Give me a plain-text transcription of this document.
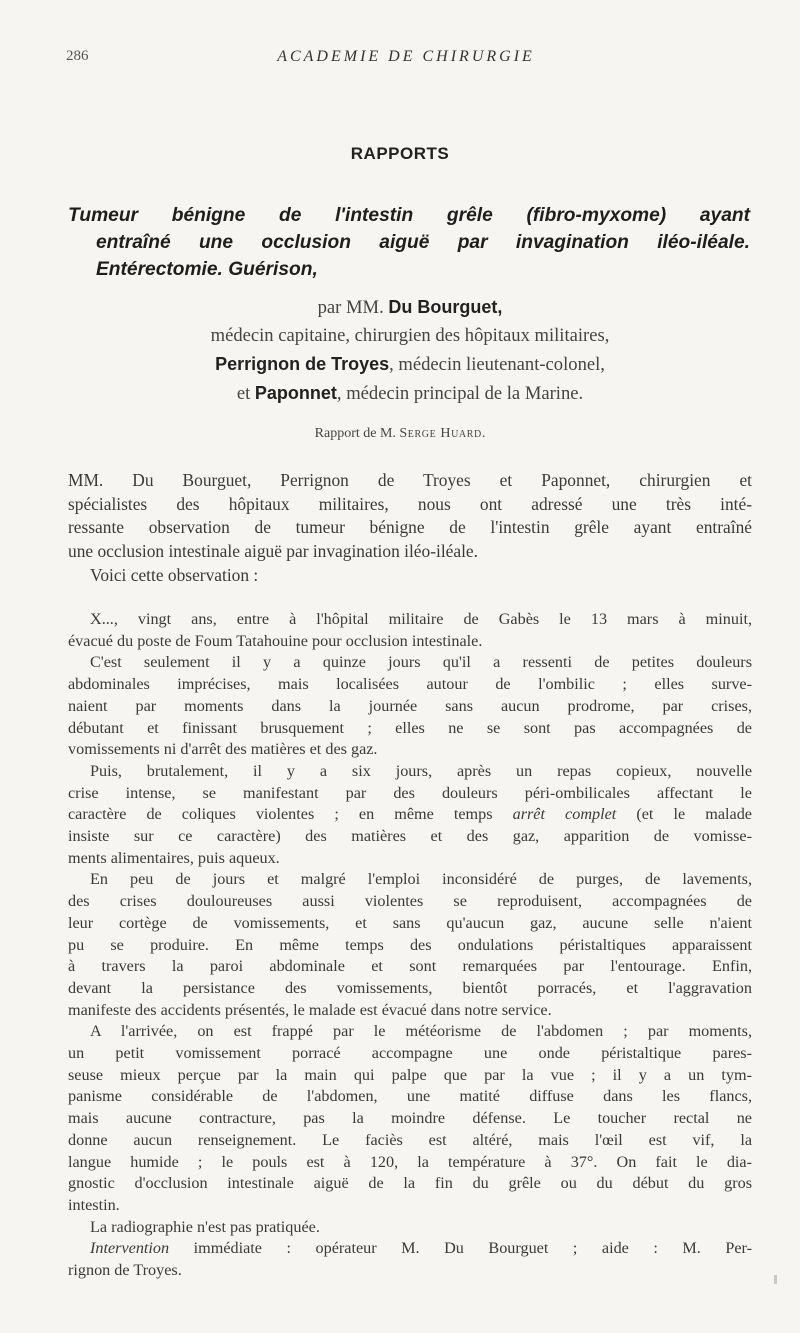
286	ACADEMIE DE CHIRURGIE
RAPPORTS
Tumeur bénigne de l'intestin grêle (fibro-myxome) ayant
entraîné une occlusion aiguë par invagination iléo-iléale.
Entérectomie. Guérison,
par MM. Du Bourguet,
médecin capitaine, chirurgien des hôpitaux militaires,
Perrignon de Troyes, médecin lieutenant-colonel,
et Paponnet, médecin principal de la Marine.
Rapport de M. Serge Huard.
MM. Du Bourguet, Perrignon de Troyes et Paponnet, chirurgien et
spécialistes des hôpitaux militaires, nous ont adressé une très inté-
ressante observation de tumeur bénigne de l'intestin grêle ayant entraîné
une occlusion intestinale aiguë par invagination iléo-iléale.
Voici cette observation :
X..., vingt ans, entre à l'hôpital militaire de Gabès le 13 mars à minuit,
évacué du poste de Foum Tatahouine pour occlusion intestinale.
C'est seulement il y a quinze jours qu'il a ressenti de petites douleurs
abdominales imprécises, mais localisées autour de l'ombilic ; elles surve-
naient par moments dans la journée sans aucun prodrome, par crises,
débutant et finissant brusquement ; elles ne se sont pas accompagnées de
vomissements ni d'arrêt des matières et des gaz.
Puis, brutalement, il y a six jours, après un repas copieux, nouvelle
crise intense, se manifestant par des douleurs péri-ombilicales affectant le
caractère de coliques violentes ; en même temps arrêt complet (et le malade
insiste sur ce caractère) des matières et des gaz, apparition de vomisse-
ments alimentaires, puis aqueux.
En peu de jours et malgré l'emploi inconsidéré de purges, de lavements,
des crises douloureuses aussi violentes se reproduisent, accompagnées de
leur cortège de vomissements, et sans qu'aucun gaz, aucune selle n'aient
pu se produire. En même temps des ondulations péristaltiques apparaissent
à travers la paroi abdominale et sont remarquées par l'entourage. Enfin,
devant la persistance des vomissements, bientôt porracés, et l'aggravation
manifeste des accidents présentés, le malade est évacué dans notre service.
A l'arrivée, on est frappé par le météorisme de l'abdomen ; par moments,
un petit vomissement porracé accompagne une onde péristaltique pares-
seuse mieux perçue par la main qui palpe que par la vue ; il y a un tym-
panisme considérable de l'abdomen, une matité diffuse dans les flancs,
mais aucune contracture, pas la moindre défense. Le toucher rectal ne
donne aucun renseignement. Le faciès est altéré, mais l'œil est vif, la
langue humide ; le pouls est à 120, la température à 37°. On fait le dia-
gnostic d'occlusion intestinale aiguë de la fin du grêle ou du début du gros
intestin.
La radiographie n'est pas pratiquée.
Intervention immédiate : opérateur M. Du Bourguet ; aide : M. Per-
rignon de Troyes.
